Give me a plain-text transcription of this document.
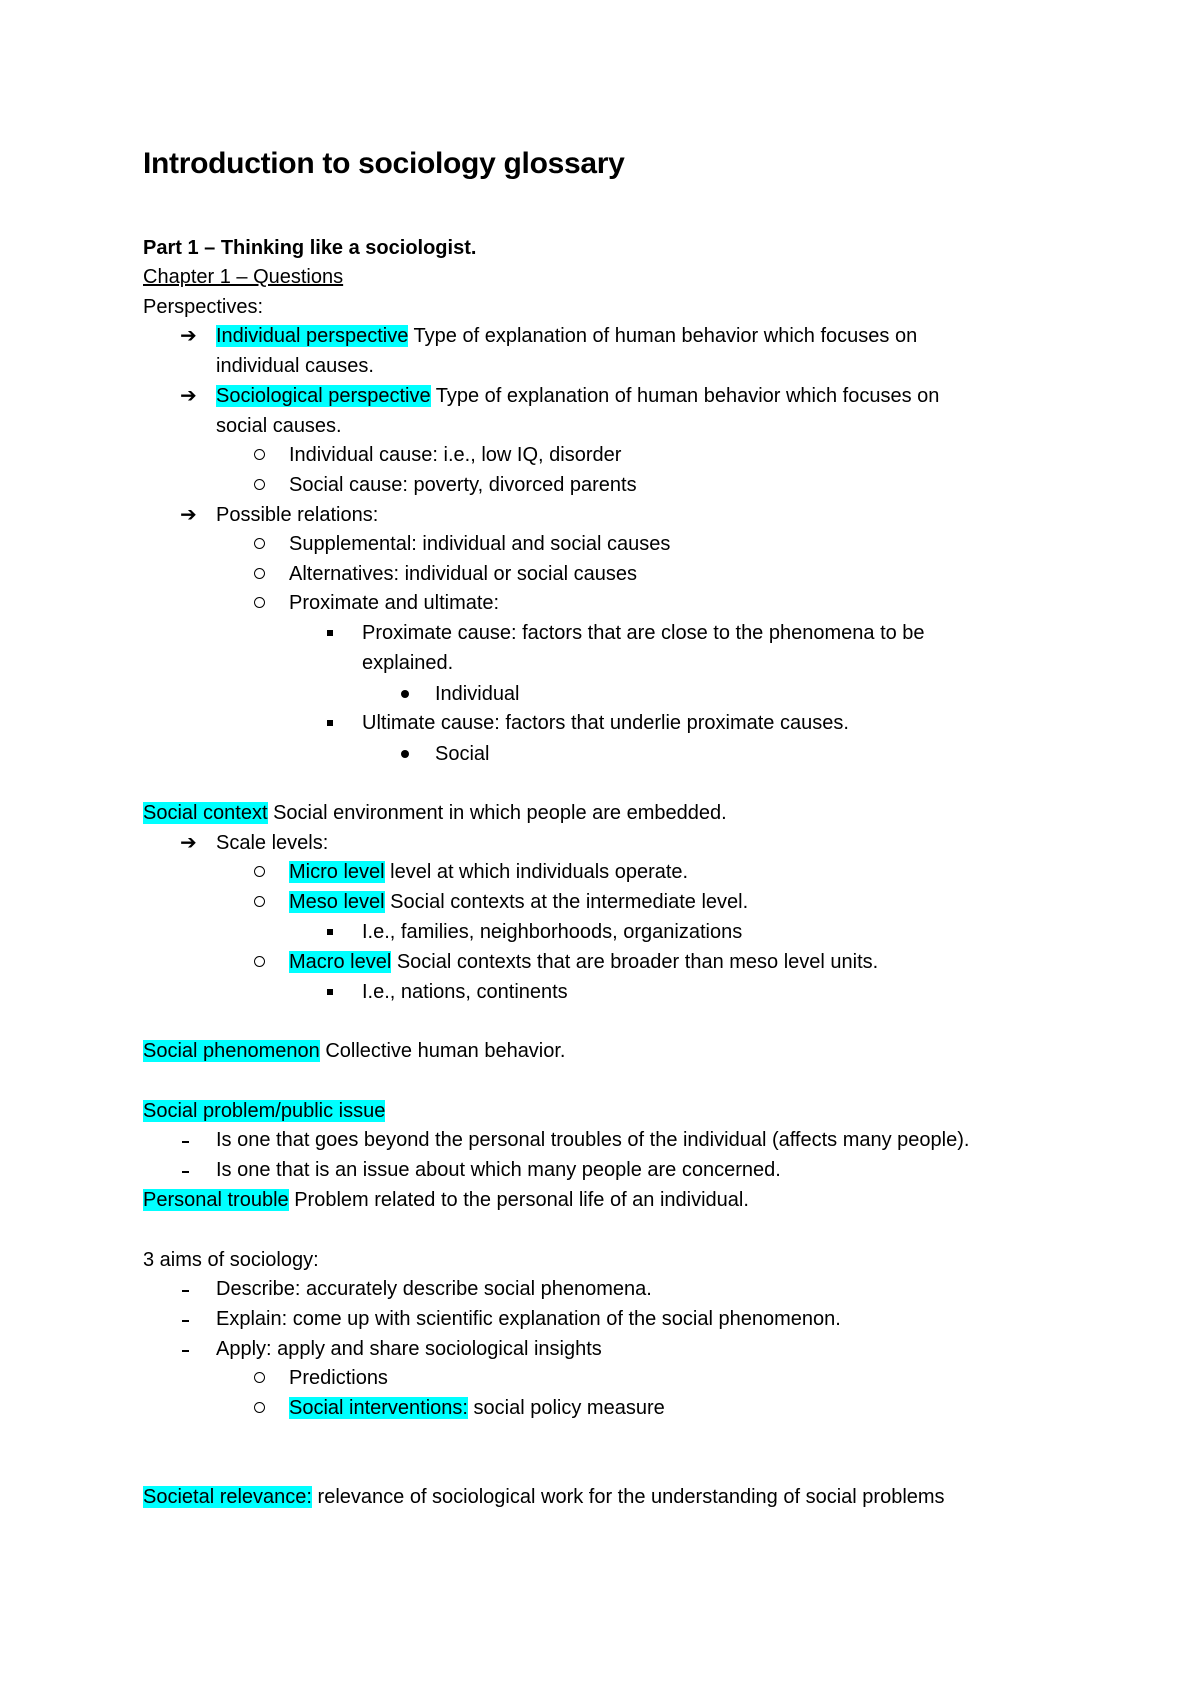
Introduction to sociology glossary
Part 1 – Thinking like a sociologist.
Chapter 1 – Questions
Perspectives:
➔ Individual perspective Type of explanation of human behavior which focuses on
individual causes.
➔ Sociological perspective Type of explanation of human behavior which focuses on
social causes.
Individual cause: i.e., low IQ, disorder
Social cause: poverty, divorced parents
➔ Possible relations:
Supplemental: individual and social causes
Alternatives: individual or social causes
Proximate and ultimate:
Proximate cause: factors that are close to the phenomena to be
explained.
Individual
Ultimate cause: factors that underlie proximate causes.
Social
Social context Social environment in which people are embedded.
➔ Scale levels:
Micro level level at which individuals operate.
Meso level Social contexts at the intermediate level.
I.e., families, neighborhoods, organizations
Macro level Social contexts that are broader than meso level units.
I.e., nations, continents
Social phenomenon Collective human behavior.
Social problem/public issue
Is one that goes beyond the personal troubles of the individual (affects many people).
Is one that is an issue about which many people are concerned.
Personal trouble Problem related to the personal life of an individual.
3 aims of sociology:
Describe: accurately describe social phenomena.
Explain: come up with scientific explanation of the social phenomenon.
Apply: apply and share sociological insights
Predictions
Social interventions: social policy measure
Societal relevance: relevance of sociological work for the understanding of social problems
